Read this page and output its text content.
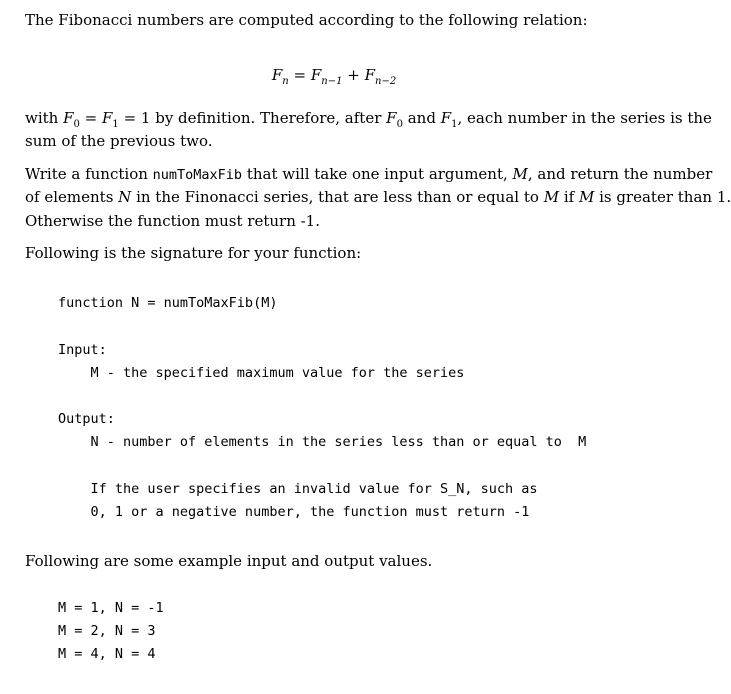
The Fibonacci numbers are computed according to the following relation:
$F_n = F_{n-1} + F_{n-2}$
with $F_0 = F_1 = 1$ by definition. Therefore, after $F_0$ and $F_1$, each number in the series is the
sum of the previous two.
Write a function numToMaxFib that will take one input argument, M, and return the number
of elements N in the Finonacci series, that are less than or equal to M if M is greater than 1.
Otherwise the function must return -1.
Following is the signature for your function:
function N = numToMaxFib(M)
Input:
M - the specified maximum value for the series
Output:
N - number of elements in the series less than or equal to  M
If the user specifies an invalid value for S_N, such as
0, 1 or a negative number, the function must return -1
Following are some example input and output values.
M = 1, N = -1
M = 2, N = 3
M = 4, N = 4
